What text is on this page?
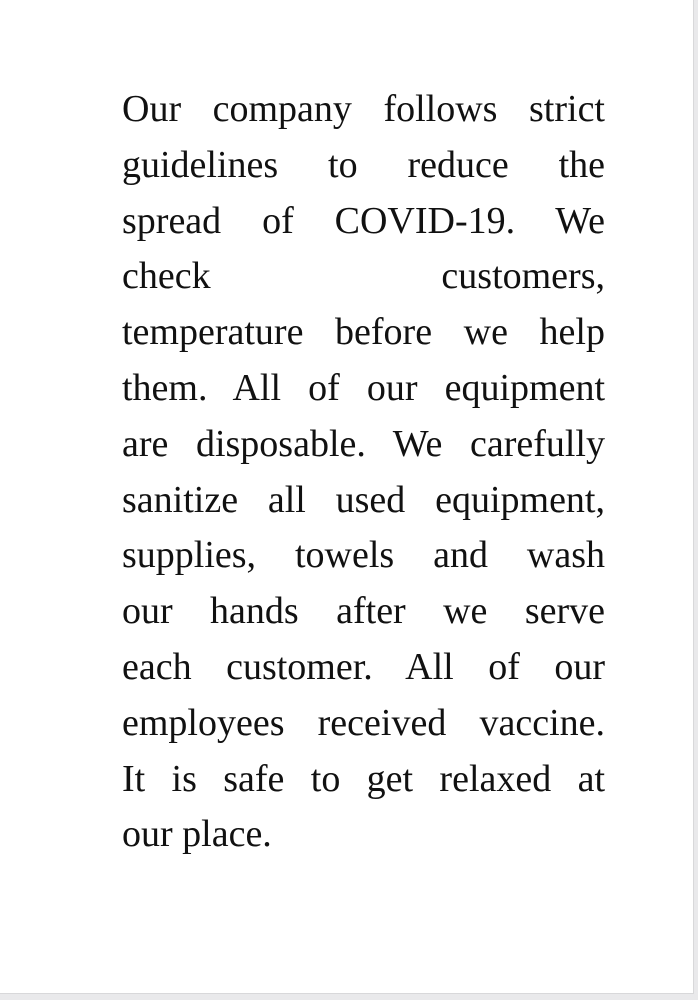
Our company follows strict
guidelines to reduce the
spread of COVID-19. We
check customers,
temperature before we help
them. All of our equipment
are disposable. We carefully
sanitize all used equipment,
supplies, towels and wash
our hands after we serve
each customer. All of our
employees received vaccine.
It is safe to get relaxed at
our place.
